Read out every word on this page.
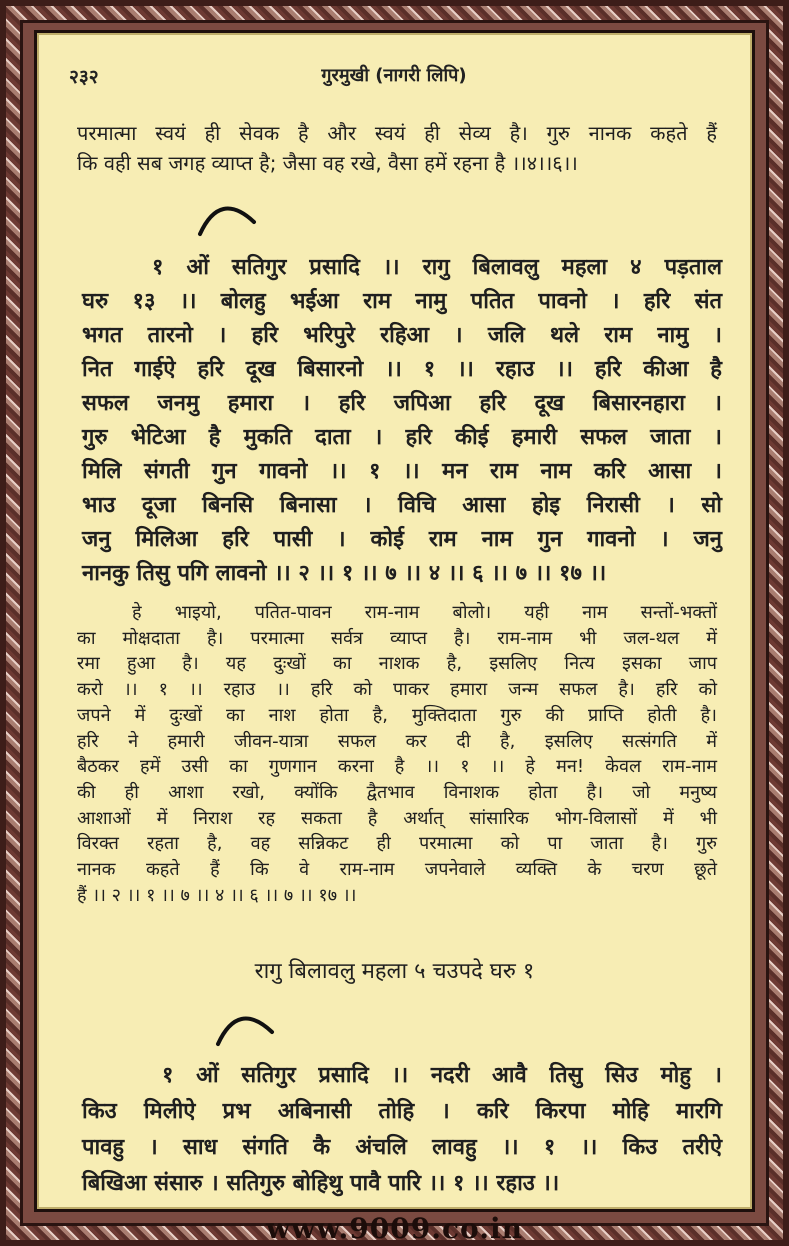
२३२	गुरमुखी (नागरी लिपि)
परमात्मा स्वयं ही सेवक है और स्वयं ही सेव्य है। गुरु नानक कहते हैं
कि वही सब जगह व्याप्त है; जैसा वह रखे, वैसा हमें रहना है ।।४।।६।।
१ ओं सतिगुर प्रसादि ।। रागु बिलावलु महला ४ पड़ताल
घरु १३ ।। बोलहु भईआ राम नामु पतित पावनो । हरि संत
भगत तारनो । हरि भरिपुरे रहिआ । जलि थले राम नामु ।
नित गाईऐ हरि दूख बिसारनो ।। १ ।। रहाउ ।। हरि कीआ है
सफल जनमु हमारा । हरि जपिआ हरि दूख बिसारनहारा ।
गुरु भेटिआ है मुकति दाता । हरि कीई हमारी सफल जाता ।
मिलि संगती गुन गावनो ।। १ ।। मन राम नाम करि आसा ।
भाउ दूजा बिनसि बिनासा । विचि आसा होइ निरासी । सो
जनु मिलिआ हरि पासी । कोई राम नाम गुन गावनो । जनु
नानकु तिसु पगि लावनो ।। २ ।। १ ।। ७ ।। ४ ।। ६ ।। ७ ।। १७ ।।
हे भाइयो, पतित-पावन राम-नाम बोलो। यही नाम सन्तों-भक्तों
का मोक्षदाता है। परमात्मा सर्वत्र व्याप्त है। राम-नाम भी जल-थल में
रमा हुआ है। यह दुःखों का नाशक है, इसलिए नित्य इसका जाप
करो ।। १ ।। रहाउ ।। हरि को पाकर हमारा जन्म सफल है। हरि को
जपने में दुःखों का नाश होता है, मुक्तिदाता गुरु की प्राप्ति होती है।
हरि ने हमारी जीवन-यात्रा सफल कर दी है, इसलिए सत्संगति में
बैठकर हमें उसी का गुणगान करना है ।। १ ।। हे मन! केवल राम-नाम
की ही आशा रखो, क्योंकि द्वैतभाव विनाशक होता है। जो मनुष्य
आशाओं में निराश रह सकता है अर्थात् सांसारिक भोग-विलासों में भी
विरक्त रहता है, वह सन्निकट ही परमात्मा को पा जाता है। गुरु
नानक कहते हैं कि वे राम-नाम जपनेवाले व्यक्ति के चरण छूते
हैं ।। २ ।। १ ।। ७ ।। ४ ।। ६ ।। ७ ।। १७ ।।
रागु बिलावलु महला ५ चउपदे घरु १
१ ओं सतिगुर प्रसादि ।। नदरी आवै तिसु सिउ मोहु ।
किउ मिलीऐ प्रभ अबिनासी तोहि । करि किरपा मोहि मारगि
पावहु । साध संगति कै अंचलि लावहु ।। १ ।। किउ तरीऐ
बिखिआ संसारु । सतिगुरु बोहिथु पावै पारि ।। १ ।। रहाउ ।।
www.9009.co.in
